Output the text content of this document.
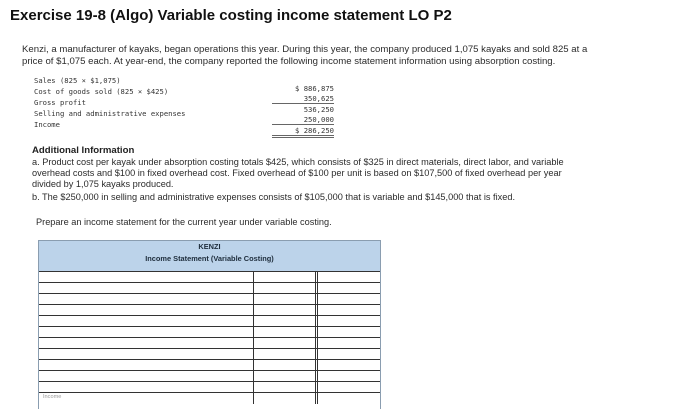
Exercise 19-8 (Algo) Variable costing income statement LO P2
Kenzi, a manufacturer of kayaks, began operations this year. During this year, the company produced 1,075 kayaks and sold 825 at a
price of $1,075 each. At year-end, the company reported the following income statement information using absorption costing.
Sales (825 × $1,075)
Cost of goods sold (825 × $425)
Gross profit
Selling and administrative expenses
Income
$ 886,875
350,625
536,250
250,000
$ 286,250
Additional Information
a. Product cost per kayak under absorption costing totals $425, which consists of $325 in direct materials, direct labor, and variable
overhead costs and $100 in fixed overhead cost. Fixed overhead of $100 per unit is based on $107,500 of fixed overhead per year
divided by 1,075 kayaks produced.
b. The $250,000 in selling and administrative expenses consists of $105,000 that is variable and $145,000 that is fixed.
Prepare an income statement for the current year under variable costing.
KENZI
Income Statement (Variable Costing)
Income
